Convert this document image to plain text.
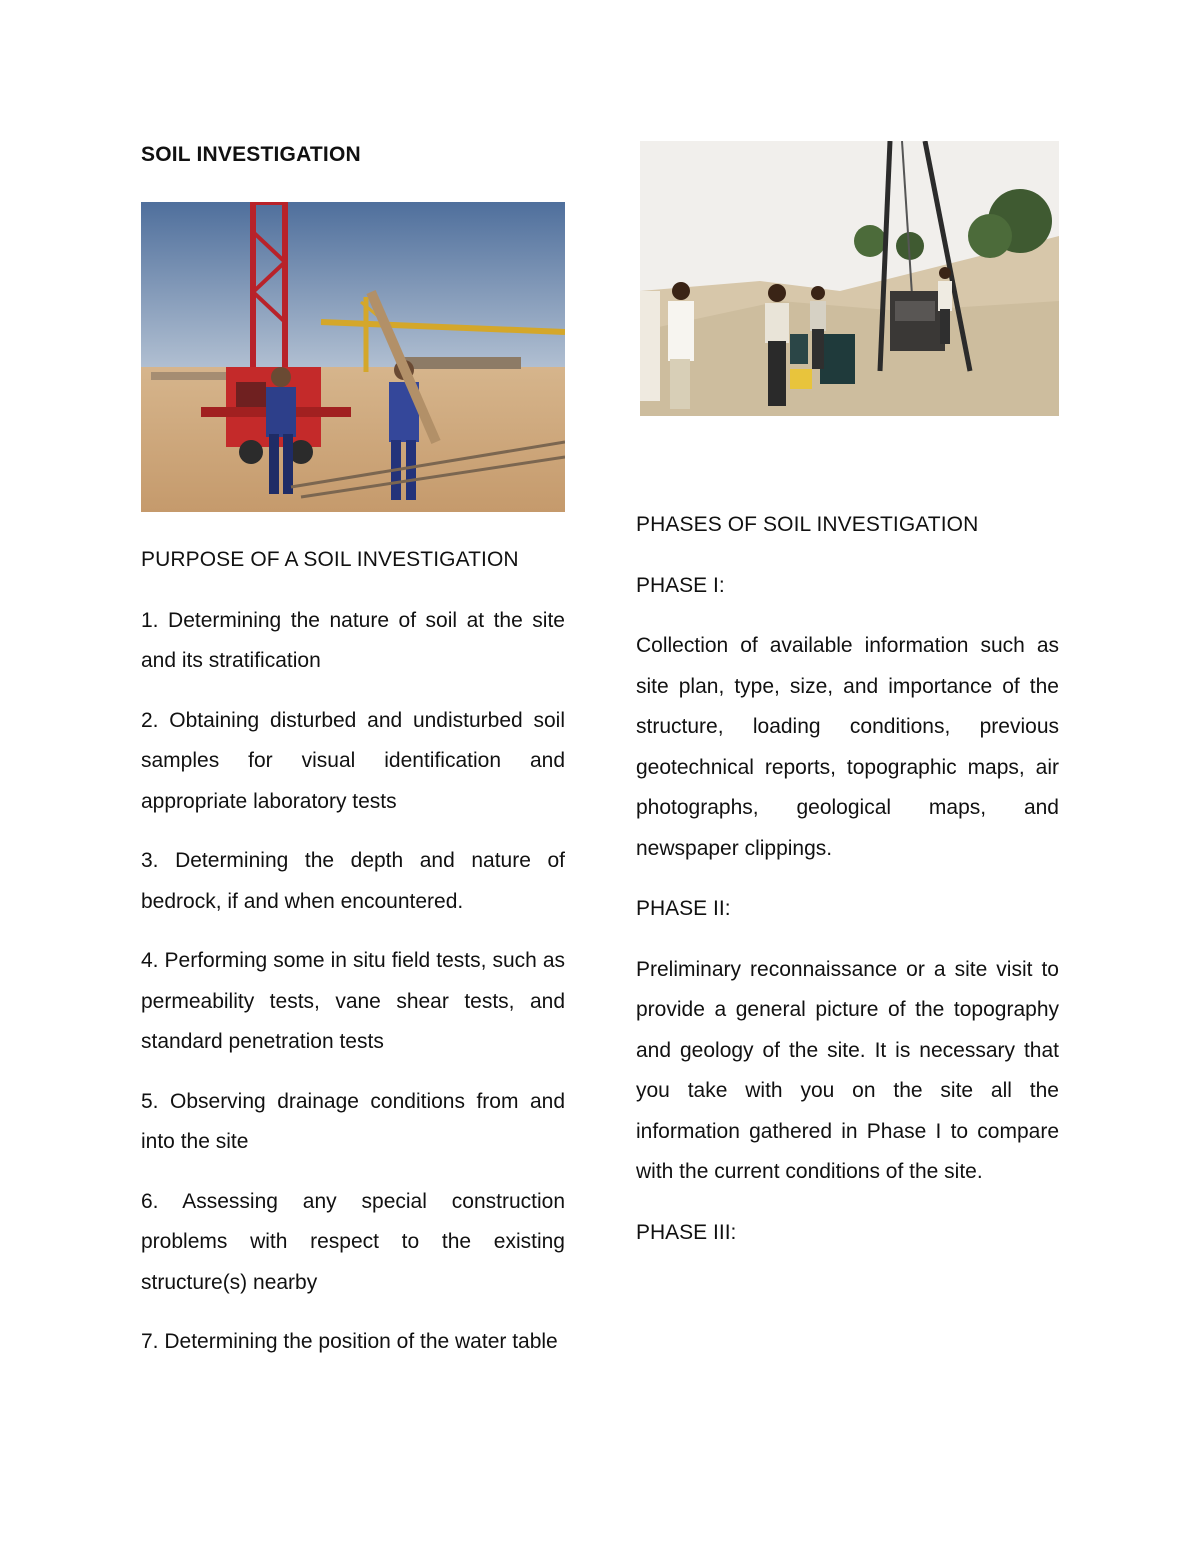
SOIL INVESTIGATION

PURPOSE OF A SOIL INVESTIGATION

1. Determining the nature of soil at the site and its stratification

2. Obtaining disturbed and undisturbed soil samples for visual identification and appropriate laboratory tests

3. Determining the depth and nature of bedrock, if and when encountered.

4. Performing some in situ field tests, such as permeability tests, vane shear tests, and standard penetration tests

5. Observing drainage conditions from and into the site

6. Assessing any special construction problems with respect to the existing structure(s) nearby

7. Determining the position of the water table

PHASES OF SOIL INVESTIGATION

PHASE I:

Collection of available information such as site plan, type, size, and importance of the structure, loading conditions, previous geotechnical reports, topographic maps, air photographs, geological maps, and newspaper clippings.

PHASE II:

Preliminary reconnaissance or a site visit to provide a general picture of the topography and geology of the site. It is necessary that you take with you on the site all the information gathered in Phase I to compare with the current conditions of the site.

PHASE III:
